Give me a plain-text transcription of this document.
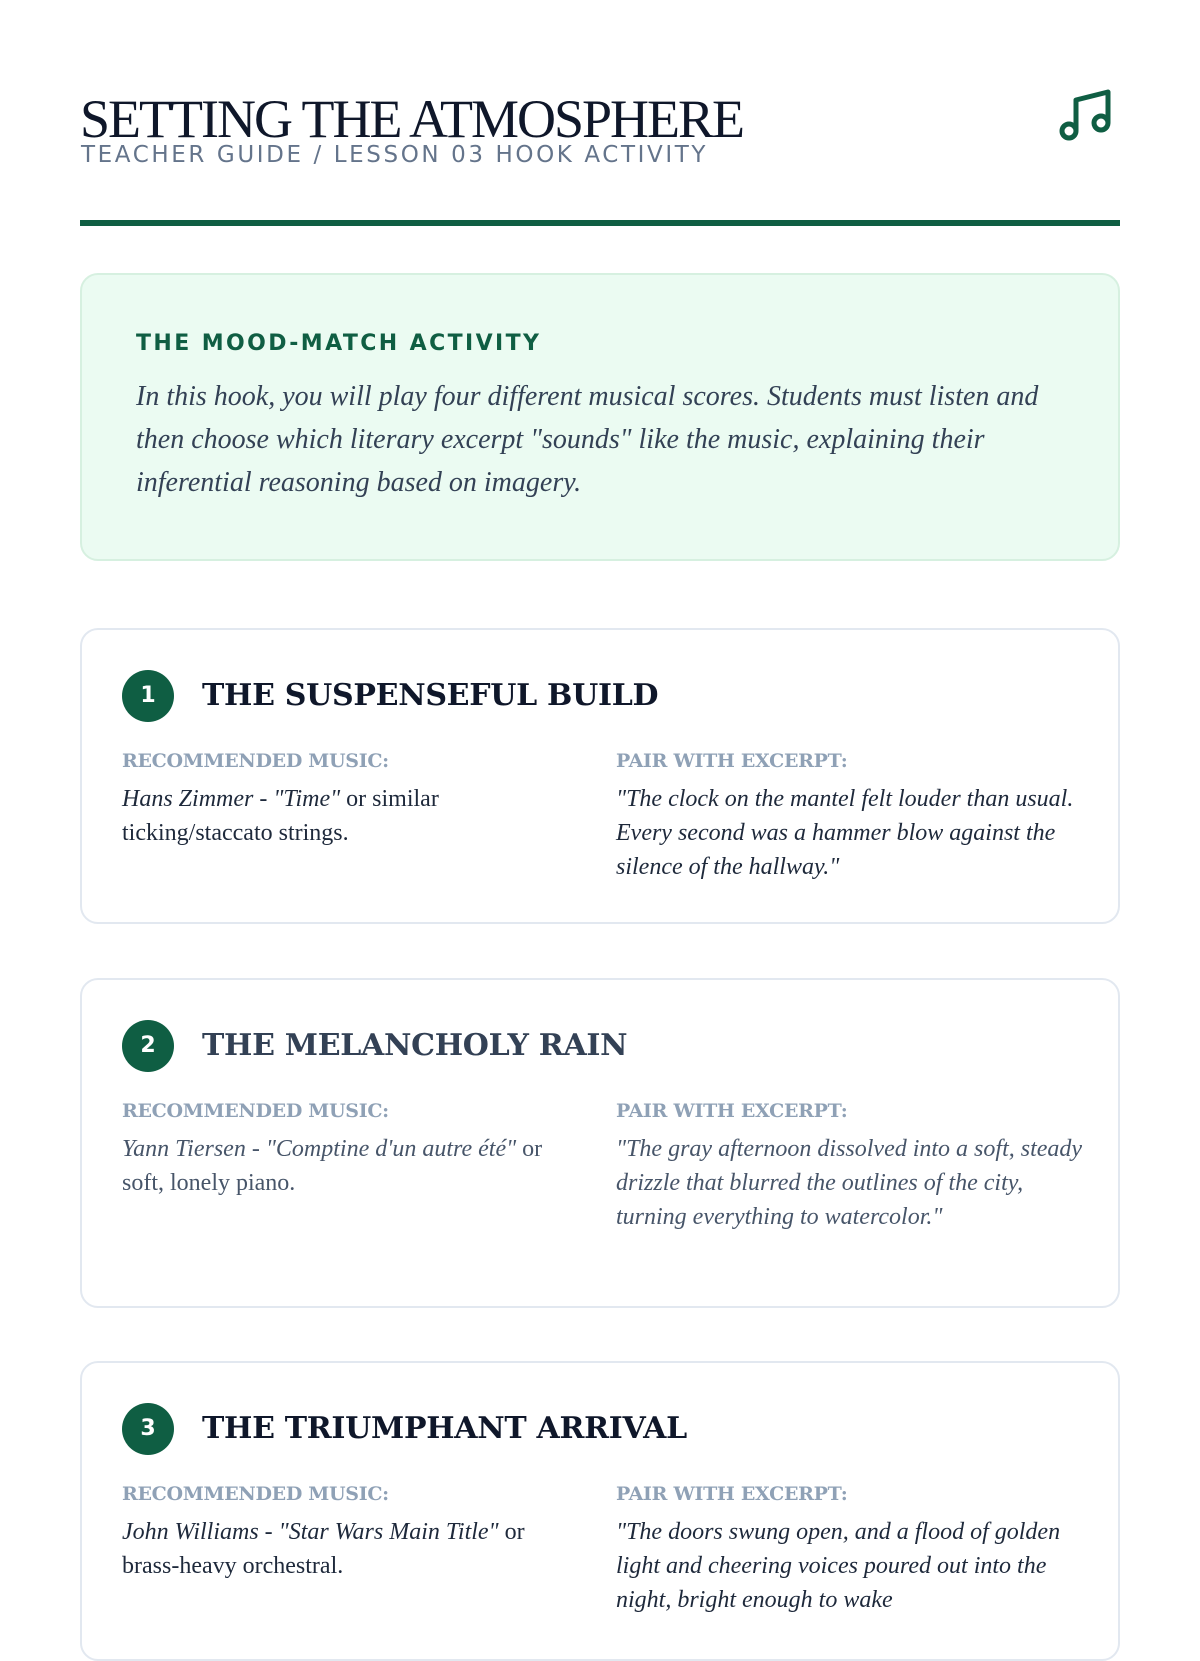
SETTING THE ATMOSPHERE
TEACHER GUIDE / LESSON 03 HOOK ACTIVITY
THE MOOD-MATCH ACTIVITY
In this hook, you will play four different musical scores. Students must listen and then choose which literary excerpt "sounds" like the music, explaining their inferential reasoning based on imagery.
1	THE SUSPENSEFUL BUILD
RECOMMENDED MUSIC:
Hans Zimmer - "Time" or similar ticking/staccato strings.
PAIR WITH EXCERPT:
"The clock on the mantel felt louder than usual. Every second was a hammer blow against the silence of the hallway."
2	THE MELANCHOLY RAIN
RECOMMENDED MUSIC:
Yann Tiersen - "Comptine d'un autre été" or soft, lonely piano.
PAIR WITH EXCERPT:
"The gray afternoon dissolved into a soft, steady drizzle that blurred the outlines of the city, turning everything to watercolor."
3	THE TRIUMPHANT ARRIVAL
RECOMMENDED MUSIC:
John Williams - "Star Wars Main Title" or brass-heavy orchestral.
PAIR WITH EXCERPT:
"The doors swung open, and a flood of golden light and cheering voices poured out into the night, bright enough to wake
